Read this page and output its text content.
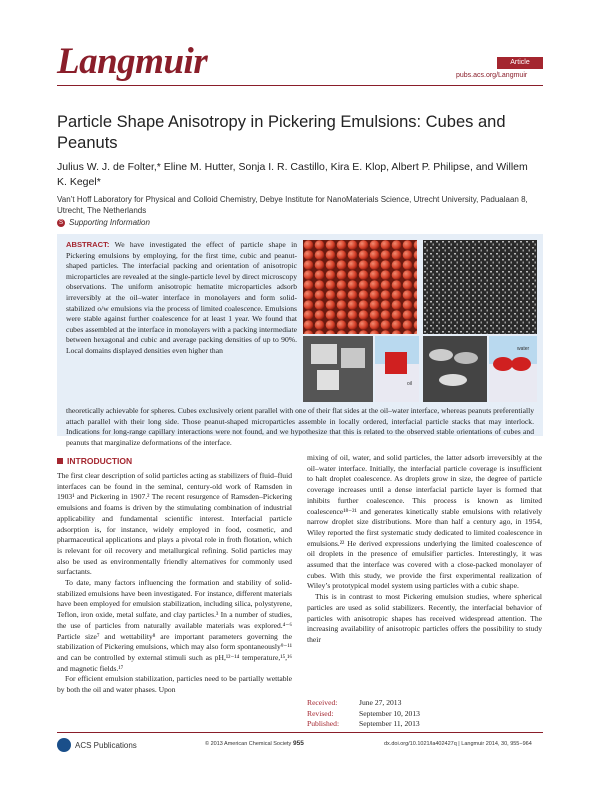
Langmuir	Article
pubs.acs.org/Langmuir
Particle Shape Anisotropy in Pickering Emulsions: Cubes and Peanuts
Julius W. J. de Folter,* Eline M. Hutter, Sonja I. R. Castillo, Kira E. Klop, Albert P. Philipse, and Willem K. Kegel*
Van’t Hoff Laboratory for Physical and Colloid Chemistry, Debye Institute for NanoMaterials Science, Utrecht University, Padualaan 8, Utrecht, The Netherlands
S Supporting Information
ABSTRACT: We have investigated the effect of particle shape in Pickering emulsions by employing, for the first time, cubic and peanut-shaped particles. The interfacial packing and orientation of anisotropic microparticles are revealed at the single-particle level by direct microscopy observations. The uniform anisotropic hematite microparticles adsorb irreversibly at the oil–water interface in monolayers and form solid-stabilized o/w emulsions via the process of limited coalescence. Emulsions were stable against further coalescence for at least 1 year. We found that cubes assembled at the interface in monolayers with a packing intermediate between hexagonal and cubic and average packing densities of up to 90%. Local domains displayed densities even higher than
oil
water
theoretically achievable for spheres. Cubes exclusively orient parallel with one of their flat sides at the oil–water interface, whereas peanuts preferentially attach parallel with their long side. Those peanut-shaped microparticles assemble in locally ordered, interfacial particle stacks that may interlock. Indications for long-range capillary interactions were not found, and we hypothesize that this is related to the observed stable orientations of cubes and peanuts that marginalize deformations of the interface.
INTRODUCTION

The first clear description of solid particles acting as stabilizers of fluid–fluid interfaces can be found in the seminal, century-old work of Ramsden in 1903¹ and Pickering in 1907.² The recent resurgence of Ramsden–Pickering emulsions and foams is driven by the stimulating combination of industrial applicability and fundamental scientific interest. Interfacial particle adsorption is, for instance, widely employed in food, cosmetic, and pharmaceutical applications and plays a pivotal role in froth flotation, which is relevant for oil recovery and metallurgical refining. Solid particles may also be used as environmentally friendly alternatives for commonly used surfactants.

To date, many factors influencing the formation and stability of solid-stabilized emulsions have been investigated. For instance, different materials have been employed for emulsion stabilization, including silica, polystyrene, Teflon, iron oxide, metal sulfate, and clay particles.³ In a number of studies, the use of particles from naturally available materials was explored.⁴⁻⁶ Particle size⁷ and wettability⁸ are important parameters governing the stabilization of Pickering emulsions, which may also form spontaneously⁹⁻¹¹ and can be controlled by external stimuli such as pH,¹²⁻¹⁴ temperature,¹⁵,¹⁶ and magnetic fields.¹⁷

For efficient emulsion stabilization, particles need to be partially wettable by both the oil and water phases. Upon

mixing of oil, water, and solid particles, the latter adsorb irreversibly at the oil–water interface. Initially, the interfacial particle coverage is insufficient to halt droplet coalescence. As droplets grow in size, the degree of particle coverage increases until a dense interfacial particle layer is formed that inhibits further coalescence. This process is known as limited coalescence¹⁸⁻²¹ and generates kinetically stable emulsions with relatively narrow droplet size distributions. More than half a century ago, in 1954, Wiley reported the first systematic study dedicated to limited coalescence in emulsions.²² He derived expressions underlying the limited coalescence of oil droplets in the presence of emulsifier particles. Interestingly, it was assumed that the interface was covered with a close-packed monolayer of cubes. With this study, we provide the first experimental realization of Wiley’s prototypical model system using particles with a cubic shape.

This is in contrast to most Pickering emulsion studies, where spherical particles are used as solid stabilizers. Recently, the interfacial behavior of particles with anisotropic shapes has received widespread attention. The increasing availability of anisotropic particles offers the possibility to study their

Received:	June 27, 2013
Revised:	September 10, 2013
Published:	September 11, 2013
ACS Publications	© 2013 American Chemical Society 955	dx.doi.org/10.1021/la402427q | Langmuir 2014, 30, 955−964
